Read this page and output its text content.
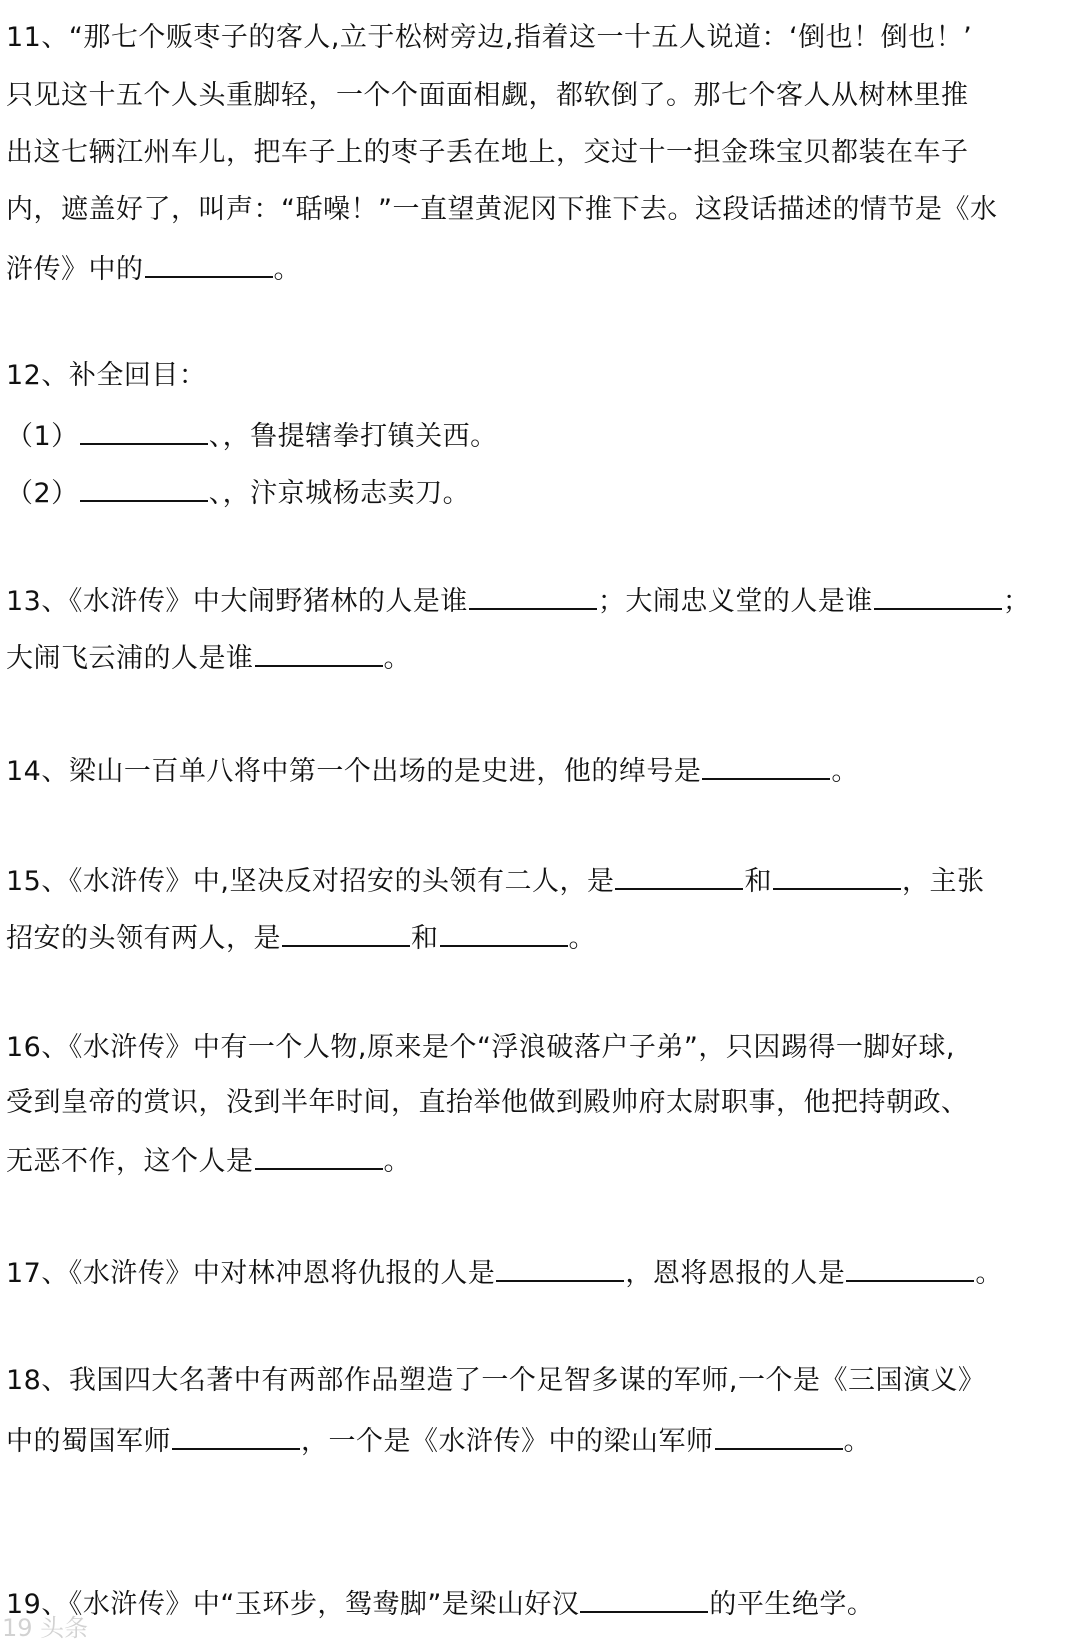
11、“那七个贩枣子的客人,立于松树旁边,指着这一十五人说道：‘倒也！倒也！’
只见这十五个人头重脚轻，一个个面面相觑，都软倒了。那七个客人从树林里推
出这七辆江州车儿，把车子上的枣子丢在地上，交过十一担金珠宝贝都装在车子
内，遮盖好了，叫声：“聒噪！”一直望黄泥冈下推下去。这段话描述的情节是《水
浒传》中的	。
12、补全回目：
（1）	、，鲁提辖拳打镇关西。
（2）	、，汴京城杨志卖刀。
13、《水浒传》中大闹野猪林的人是谁	；大闹忠义堂的人是谁	；
大闹飞云浦的人是谁	。
14、梁山一百单八将中第一个出场的是史进，他的绰号是	。
15、《水浒传》中,坚决反对招安的头领有二人，是	和	，主张
招安的头领有两人，是	和	。
16、《水浒传》中有一个人物,原来是个“浮浪破落户子弟”，只因踢得一脚好球,
受到皇帝的赏识，没到半年时间，直抬举他做到殿帅府太尉职事，他把持朝政、
无恶不作，这个人是	。
17、《水浒传》中对林冲恩将仇报的人是	，恩将恩报的人是	。
18、我国四大名著中有两部作品塑造了一个足智多谋的军师,一个是《三国演义》
中的蜀国军师	，一个是《水浒传》中的梁山军师	。
19、《水浒传》中“玉环步，鸳鸯脚”是梁山好汉	的平生绝学。
19 头条
